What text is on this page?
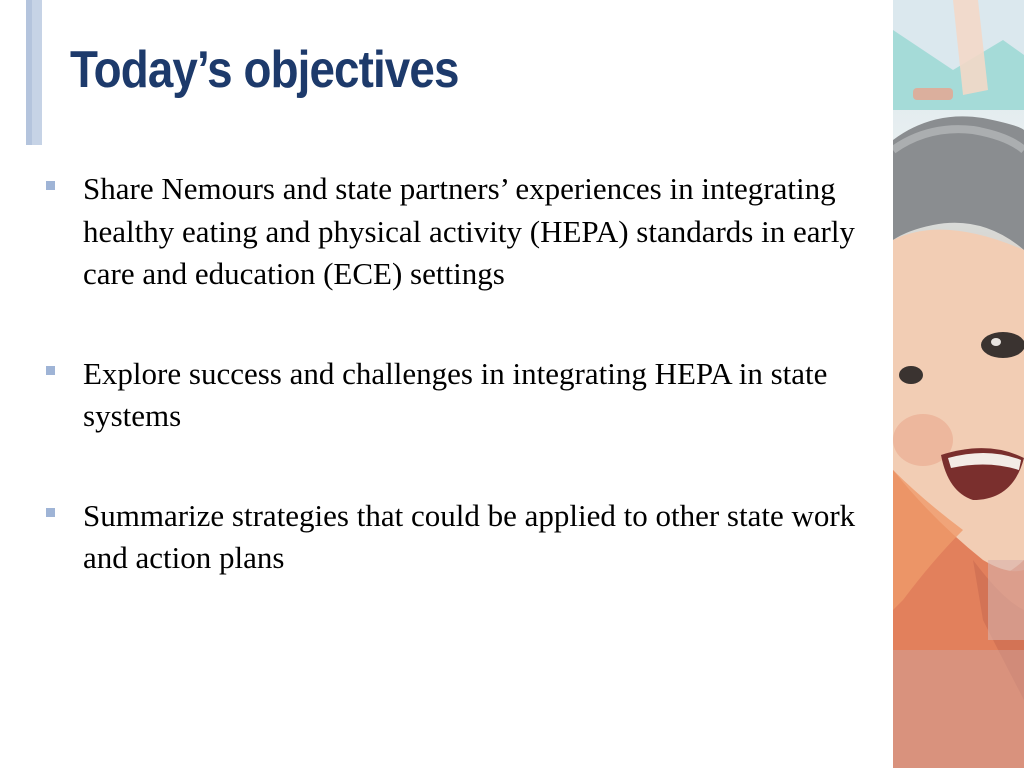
Today’s objectives
Share Nemours and state partners’ experiences in integrating healthy eating and physical activity (HEPA) standards in early care and education (ECE) settings
Explore success and challenges in integrating HEPA in state systems
Summarize strategies that could be applied to other state work and action plans
